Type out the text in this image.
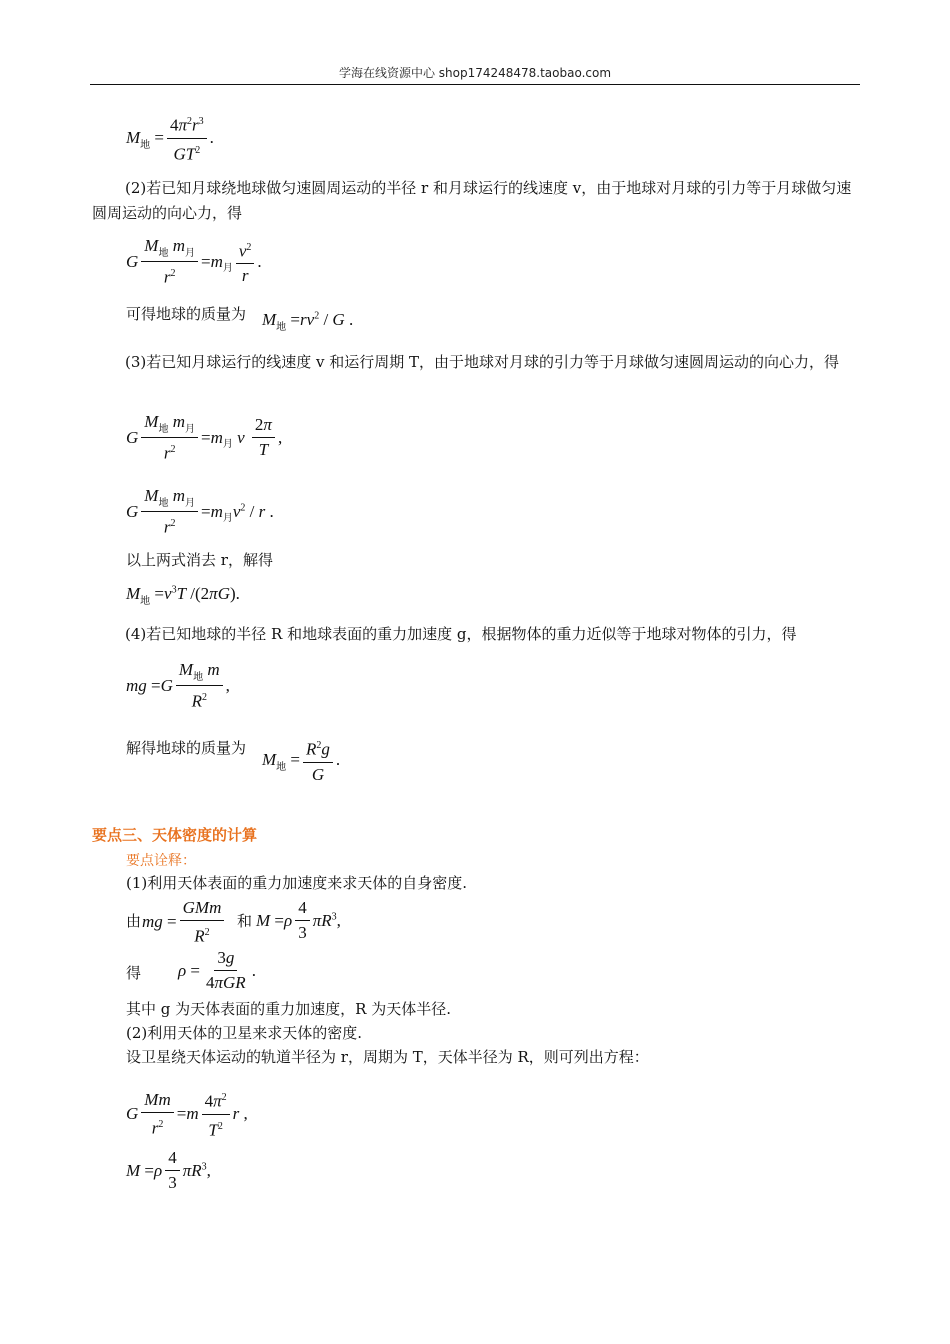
学海在线资源中心 shop174248478.taobao.com
M 地 = $\frac{4\pi^2r^3}{GT^2}$ .
(2)若已知月球绕地球做匀速圆周运动的半径 r 和月球运行的线速度 v，由于地球对月球的引力等于月球做匀速圆周运动的向心力，得
G $\frac{M_地 m_月}{r^2} = m$ 月 $\frac{v^2}{r}$ .
可得地球的质量为 M 地 = $rv^2$ / G .
(3)若已知月球运行的线速度 v 和运行周期 T，由于地球对月球的引力等于月球做匀速圆周运动的向心力，得
G $\frac{M_地 m_月}{r^2} = m$ 月 v $\frac{2\pi}{T}$ ,
G $\frac{M_地 m_月}{r^2} = m$ 月 $v^2$ / r .
以上两式消去 r，解得
M 地 = $v^3T$ /(2 πG ).
(4)若已知地球的半径 R 和地球表面的重力加速度 g，根据物体的重力近似等于地球对物体的引力，得
mg = G $\frac{M_地 m}{R^2}$ ,
解得地球的质量为
M 地 = $\frac{R^2g}{G}$ .
要点三、天体密度的计算
要点诠释：
(1)利用天体表面的重力加速度来求天体的自身密度.
由 mg = $\frac{\text{GMm}}{R^2}$ 和 M = ρ $\frac{4}{3} \pi R^3$ ,
得 $\rho = \frac{3g}{\text{4πGR}}$ .
其中 g 为天体表面的重力加速度，R 为天体半径.
(2)利用天体的卫星来求天体的密度.
设卫星绕天体运动的轨道半径为 r，周期为 T，天体半径为 R，则可列出方程：
G $\frac{Mm}{r^2} = m \frac{4\pi^2}{T^2}$ r ,
M = ρ $\frac{4}{3} \pi R^3$ ,
